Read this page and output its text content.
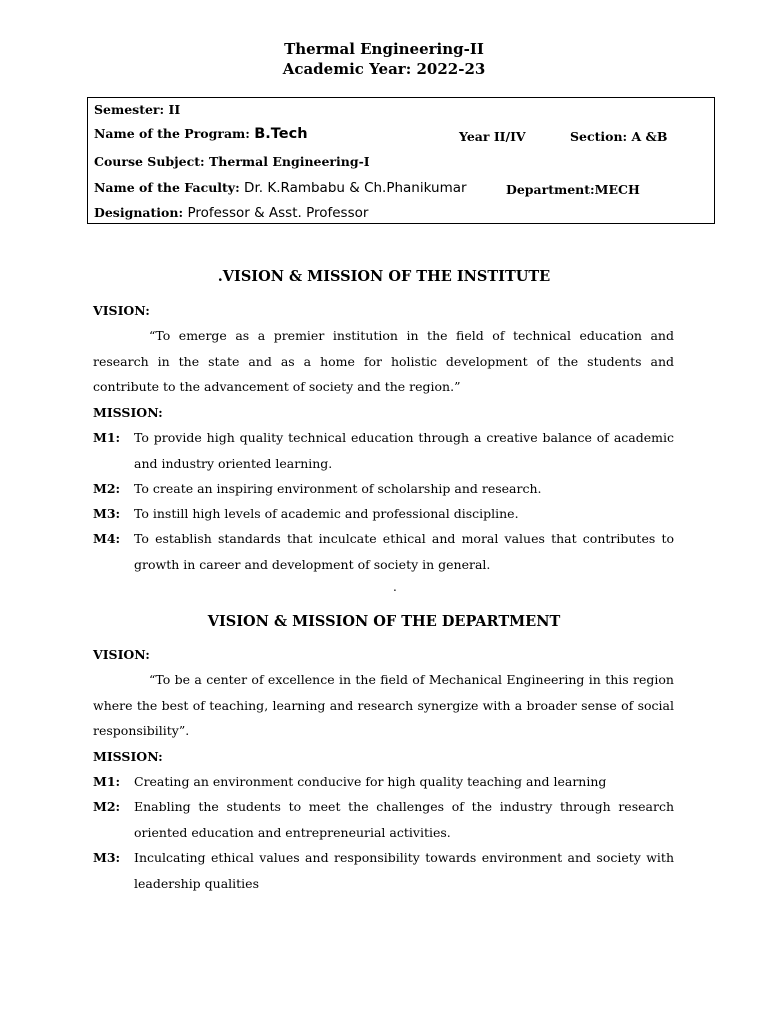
Thermal Engineering-II
Academic Year: 2022-23
Semester: II
Name of the Program: B.Tech	Year II/IV	Section: A &B
Course Subject: Thermal Engineering-I
Name of the Faculty: Dr. K.Rambabu & Ch.Phanikumar	Department:MECH
Designation: Professor & Asst. Professor
.VISION & MISSION OF THE INSTITUTE
VISION:
“To emerge as a premier institution in the field of technical education and research in the state and as a home for holistic development of the students and contribute to the advancement of society and the region.”
MISSION:
M1: To provide high quality technical education through a creative balance of academic and industry oriented learning.
M2: To create an inspiring environment of scholarship and research.
M3: To instill high levels of academic and professional discipline.
M4: To establish standards that inculcate ethical and moral values that contributes to growth in career and development of society in general.
.
VISION & MISSION OF THE DEPARTMENT
VISION:
“To be a center of excellence in the field of Mechanical Engineering in this region where the best of teaching, learning and research synergize with a broader sense of social responsibility”.
MISSION:
M1: Creating an environment conducive for high quality teaching and learning
M2: Enabling the students to meet the challenges of the industry through research oriented education and entrepreneurial activities.
M3: Inculcating ethical values and responsibility towards environment and society with leadership qualities
